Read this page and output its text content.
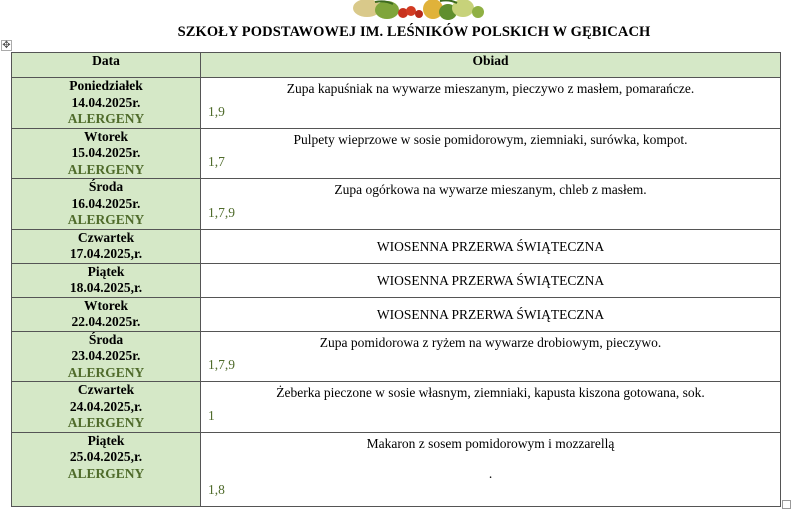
SZKOŁY PODSTAWOWEJ IM. LEŚNIKÓW POLSKICH W GĘBICACH
✥
Data	Obiad
Poniedziałek
14.04.2025r.
ALERGENY	Zupa kapuśniak na wywarze mieszanym, pieczywo z masłem, pomarańcze.
1,9

Wtorek
15.04.2025r.
ALERGENY	Pulpety wieprzowe w sosie pomidorowym, ziemniaki, surówka, kompot.
1,7

Środa
16.04.2025r.
ALERGENY	Zupa ogórkowa na wywarze mieszanym, chleb z masłem.
1,7,9

Czwartek
17.04.2025,r.	WIOSENNA PRZERWA ŚWIĄTECZNA

Piątek
18.04.2025,r.	WIOSENNA PRZERWA ŚWIĄTECZNA

Wtorek
22.04.2025r.	WIOSENNA PRZERWA ŚWIĄTECZNA

Środa
23.04.2025r.
ALERGENY	Zupa pomidorowa z ryżem na wywarze drobiowym, pieczywo.
1,7,9

Czwartek
24.04.2025,r.
ALERGENY	Żeberka pieczone w sosie własnym, ziemniaki, kapusta kiszona gotowana, sok.
1

Piątek
25.04.2025,r.
ALERGENY	Makaron z sosem pomidorowym i mozzarellą
.
1,8
